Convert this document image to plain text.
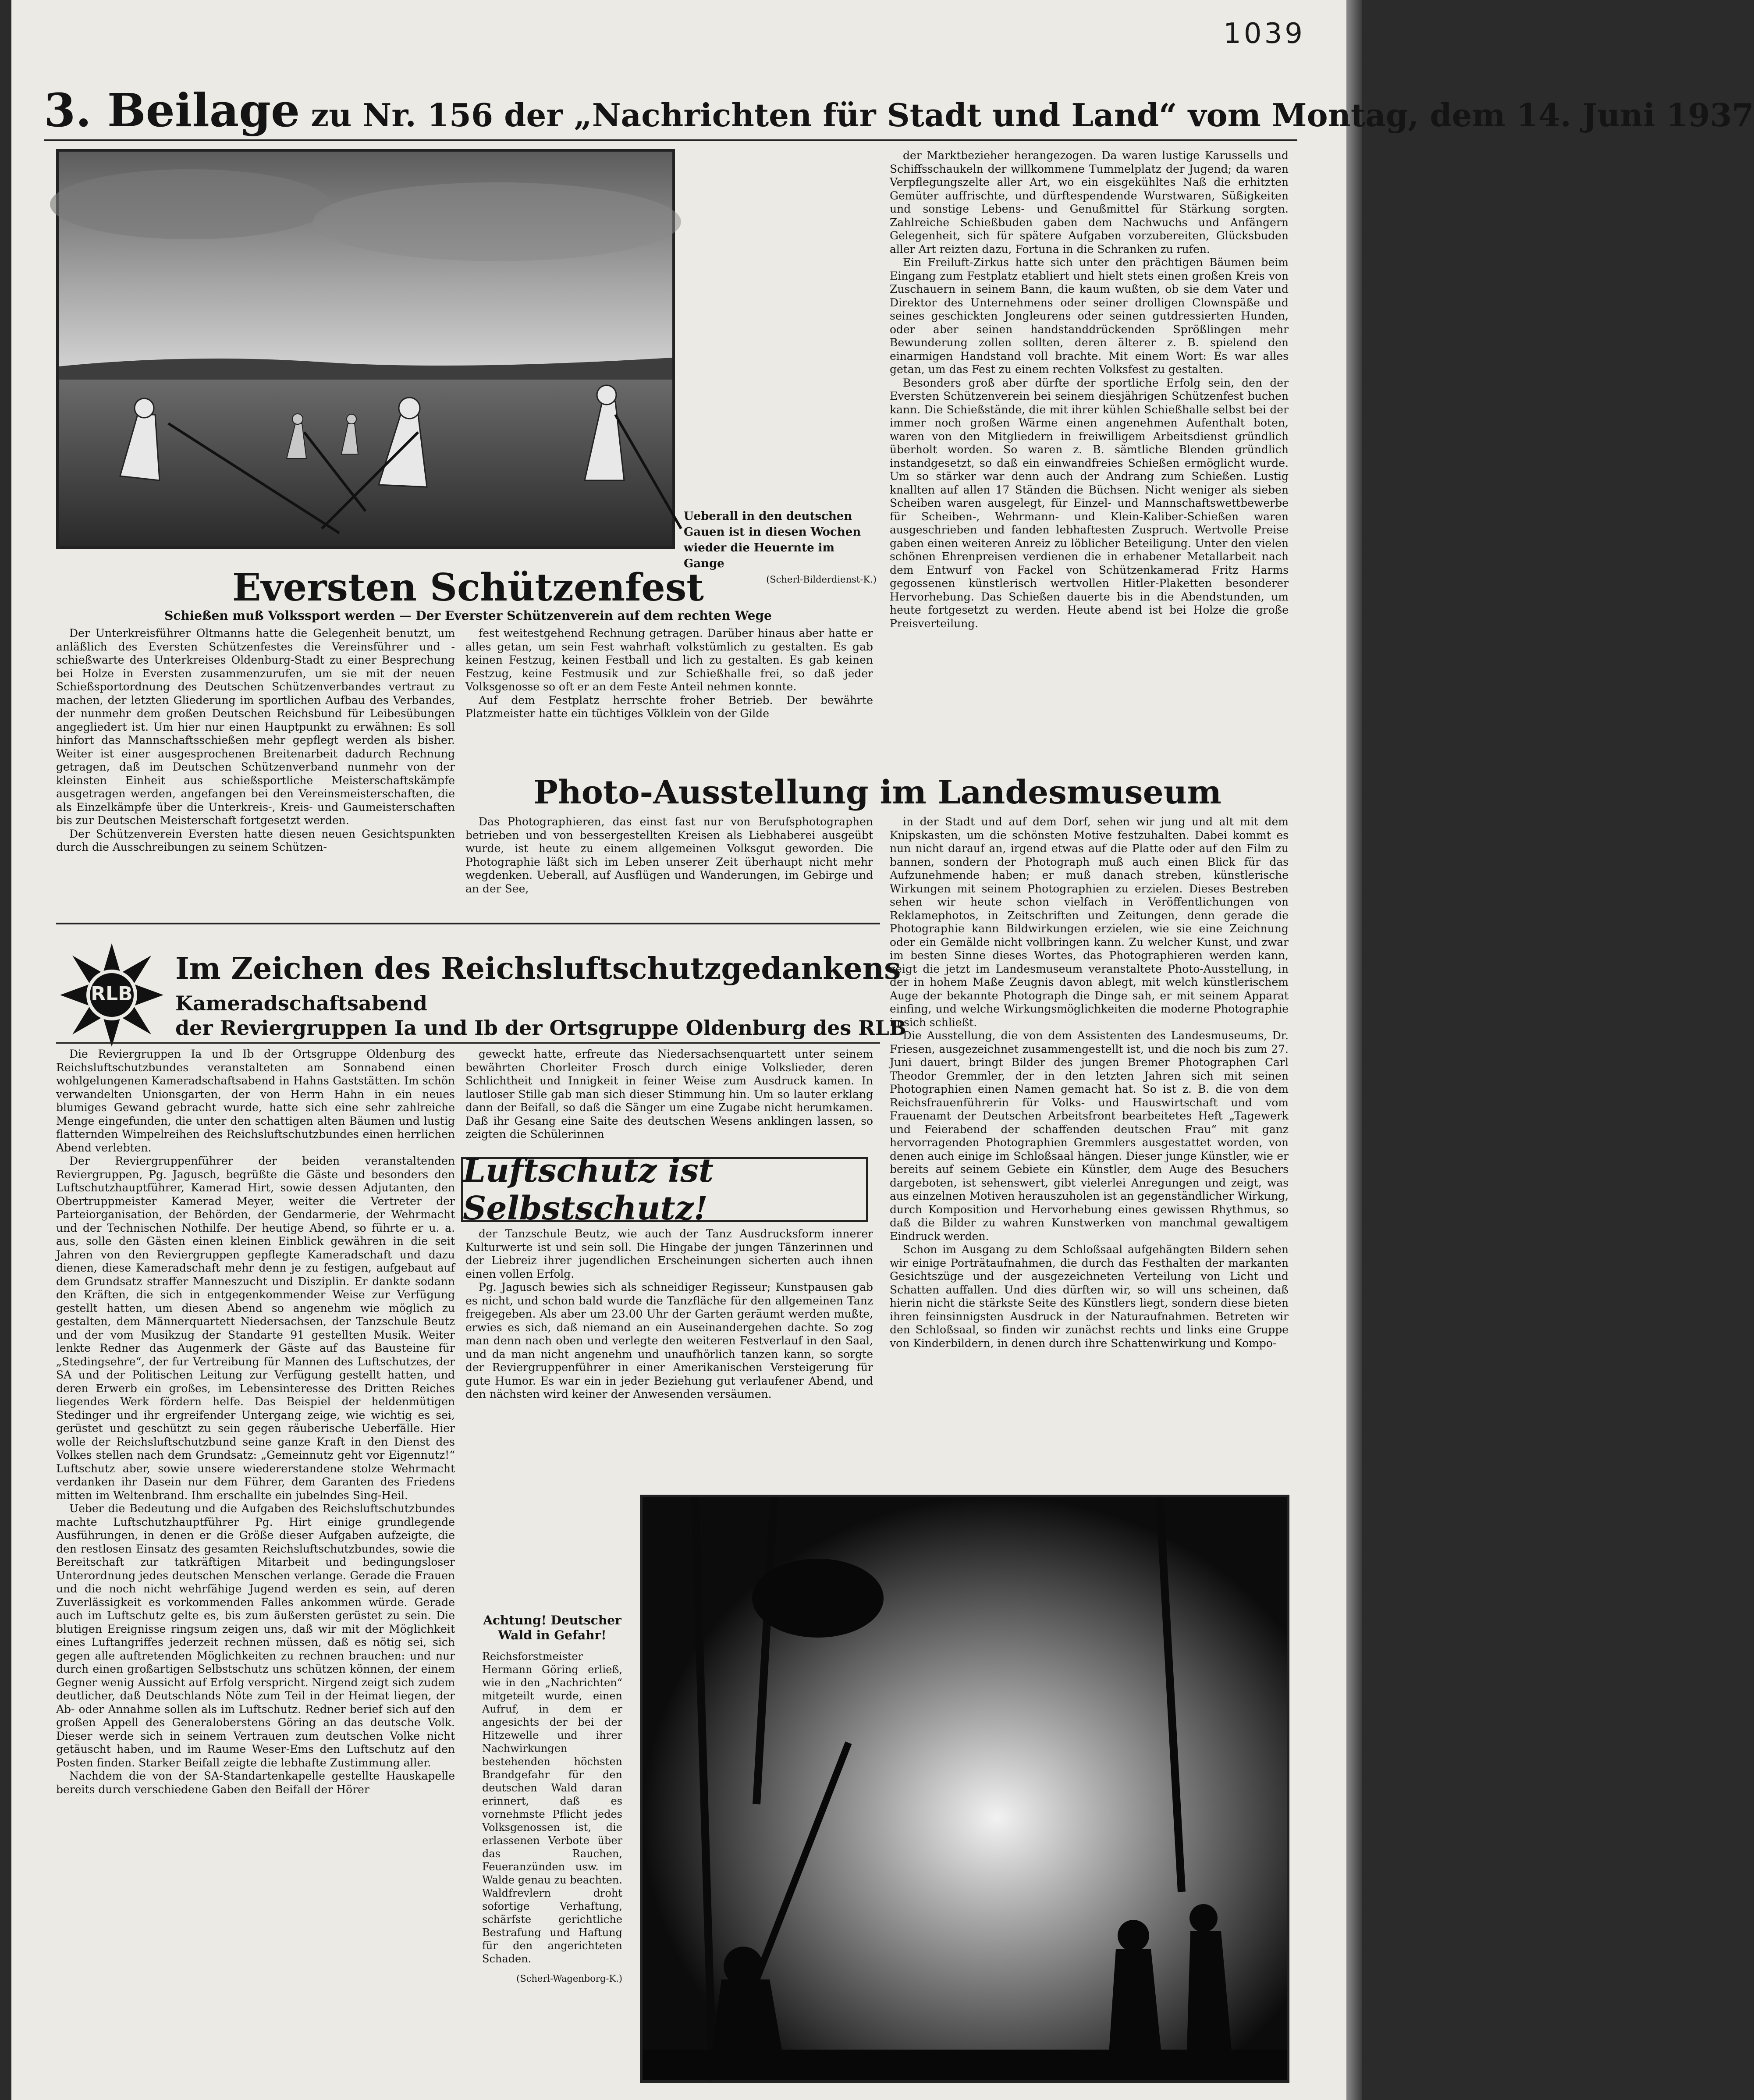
1039
3. Beilage zu Nr. 156 der „Nachrichten für Stadt und Land“ vom Montag, dem 14. Juni 1937
Ueberall in den deutschen Gauen ist in diesen Wochen wieder die Heuernte im Gange
(Scherl-Bilderdienst-K.)
Eversten Schützenfest
Schießen muß Volkssport werden — Der Everster Schützenverein auf dem rechten Wege

Der Unterkreisführer Oltmanns hatte die Gelegenheit benutzt, um anläßlich des Eversten Schützenfestes die Vereinsführer und -schießwarte des Unterkreises Oldenburg-Stadt zu einer Besprechung bei Holze in Eversten zusammenzurufen, um sie mit der neuen Schießsportordnung des Deutschen Schützenverbandes vertraut zu machen, der letzten Gliederung im sportlichen Aufbau des Verbandes, der nunmehr dem großen Deutschen Reichsbund für Leibesübungen angegliedert ist. Um hier nur einen Hauptpunkt zu erwähnen: Es soll hinfort das Mannschaftsschießen mehr gepflegt werden als bisher. Weiter ist einer ausgesprochenen Breitenarbeit dadurch Rechnung getragen, daß im Deutschen Schützenverband nunmehr von der kleinsten Einheit aus schießsportliche Meisterschaftskämpfe ausgetragen werden, angefangen bei den Vereinsmeisterschaften, die als Einzelkämpfe über die Unterkreis-, Kreis- und Gaumeisterschaften bis zur Deutschen Meisterschaft fortgesetzt werden.

Der Schützenverein Eversten hatte diesen neuen Gesichtspunkten durch die Ausschreibungen zu seinem Schützen-

fest weitestgehend Rechnung getragen. Darüber hinaus aber hatte er alles getan, um sein Fest wahrhaft volkstümlich zu gestalten. Es gab keinen Festzug, keinen Festball und lich zu gestalten. Es gab keinen Festzug, keine Festmusik und zur Schießhalle frei, so daß jeder Volksgenosse so oft er an dem Feste Anteil nehmen konnte.

Auf dem Festplatz herrschte froher Betrieb. Der bewährte Platzmeister hatte ein tüchtiges Völklein von der Gilde

der Marktbezieher herangezogen. Da waren lustige Karussells und Schiffsschaukeln der willkommene Tummelplatz der Jugend; da waren Verpflegungszelte aller Art, wo ein eisgekühltes Naß die erhitzten Gemüter auffrischte, und dürftespendende Wurstwaren, Süßigkeiten und sonstige Lebens- und Genußmittel für Stärkung sorgten. Zahlreiche Schießbuden gaben dem Nachwuchs und Anfängern Gelegenheit, sich für spätere Aufgaben vorzubereiten, Glücksbuden aller Art reizten dazu, Fortuna in die Schranken zu rufen.

Ein Freiluft-Zirkus hatte sich unter den prächtigen Bäumen beim Eingang zum Festplatz etabliert und hielt stets einen großen Kreis von Zuschauern in seinem Bann, die kaum wußten, ob sie dem Vater und Direktor des Unternehmens oder seiner drolligen Clownspäße und seines geschickten Jongleurens oder seinen gutdressierten Hunden, oder aber seinen handstanddrückenden Sprößlingen mehr Bewunderung zollen sollten, deren älterer z. B. spielend den einarmigen Handstand voll brachte. Mit einem Wort: Es war alles getan, um das Fest zu einem rechten Volksfest zu gestalten.

Besonders groß aber dürfte der sportliche Erfolg sein, den der Eversten Schützenverein bei seinem diesjährigen Schützenfest buchen kann. Die Schießstände, die mit ihrer kühlen Schießhalle selbst bei der immer noch großen Wärme einen angenehmen Aufenthalt boten, waren von den Mitgliedern in freiwilligem Arbeitsdienst gründlich überholt worden. So waren z. B. sämtliche Blenden gründlich instandgesetzt, so daß ein einwandfreies Schießen ermöglicht wurde. Um so stärker war denn auch der Andrang zum Schießen. Lustig knallten auf allen 17 Ständen die Büchsen. Nicht weniger als sieben Scheiben waren ausgelegt, für Einzel- und Mannschaftswettbewerbe für Scheiben-, Wehrmann- und Klein-Kaliber-Schießen waren ausgeschrieben und fanden lebhaftesten Zuspruch. Wertvolle Preise gaben einen weiteren Anreiz zu löblicher Beteiligung. Unter den vielen schönen Ehrenpreisen verdienen die in erhabener Metallarbeit nach dem Entwurf von Fackel von Schützenkamerad Fritz Harms gegossenen künstlerisch wertvollen Hitler-Plaketten besonderer Hervorhebung. Das Schießen dauerte bis in die Abendstunden, um heute fortgesetzt zu werden. Heute abend ist bei Holze die große Preisverteilung.

Photo-Ausstellung im Landesmuseum

Das Photographieren, das einst fast nur von Berufsphotographen betrieben und von bessergestellten Kreisen als Liebhaberei ausgeübt wurde, ist heute zu einem allgemeinen Volksgut geworden. Die Photographie läßt sich im Leben unserer Zeit überhaupt nicht mehr wegdenken. Ueberall, auf Ausflügen und Wanderungen, im Gebirge und an der See,

in der Stadt und auf dem Dorf, sehen wir jung und alt mit dem Knipskasten, um die schönsten Motive festzuhalten. Dabei kommt es nun nicht darauf an, irgend etwas auf die Platte oder auf den Film zu bannen, sondern der Photograph muß auch einen Blick für das Aufzunehmende haben; er muß danach streben, künstlerische Wirkungen mit seinem Photographien zu erzielen. Dieses Bestreben sehen wir heute schon vielfach in Veröffentlichungen von Reklamephotos, in Zeitschriften und Zeitungen, denn gerade die Photographie kann Bildwirkungen erzielen, wie sie eine Zeichnung oder ein Gemälde nicht vollbringen kann. Zu welcher Kunst, und zwar im besten Sinne dieses Wortes, das Photographieren werden kann, zeigt die jetzt im Landesmuseum veranstaltete Photo-Ausstellung, in der in hohem Maße Zeugnis davon ablegt, mit welch künstlerischem Auge der bekannte Photograph die Dinge sah, er mit seinem Apparat einfing, und welche Wirkungsmöglichkeiten die moderne Photographie in sich schließt.

Die Ausstellung, die von dem Assistenten des Landesmuseums, Dr. Friesen, ausgezeichnet zusammengestellt ist, und die noch bis zum 27. Juni dauert, bringt Bilder des jungen Bremer Photographen Carl Theodor Gremmler, der in den letzten Jahren sich mit seinen Photographien einen Namen gemacht hat. So ist z. B. die von dem Reichsfrauenführerin für Volks- und Hauswirtschaft und vom Frauenamt der Deutschen Arbeitsfront bearbeitetes Heft „Tagewerk und Feierabend der schaffenden deutschen Frau“ mit ganz hervorragenden Photographien Gremmlers ausgestattet worden, von denen auch einige im Schloßsaal hängen. Dieser junge Künstler, wie er bereits auf seinem Gebiete ein Künstler, dem Auge des Besuchers dargeboten, ist sehenswert, gibt vielerlei Anregungen und zeigt, was aus einzelnen Motiven herauszuholen ist an gegenständlicher Wirkung, durch Komposition und Hervorhebung eines gewissen Rhythmus, so daß die Bilder zu wahren Kunstwerken von manchmal gewaltigem Eindruck werden.

Schon im Ausgang zu dem Schloßsaal aufgehängten Bildern sehen wir einige Porträtaufnahmen, die durch das Festhalten der markanten Gesichtszüge und der ausgezeichneten Verteilung von Licht und Schatten auffallen. Und dies dürften wir, so will uns scheinen, daß hierin nicht die stärkste Seite des Künstlers liegt, sondern diese bieten ihren feinsinnigsten Ausdruck in der Naturaufnahmen. Betreten wir den Schloßsaal, so finden wir zunächst rechts und links eine Gruppe von Kinderbildern, in denen durch ihre Schattenwirkung und Kompo-

RLB
Im Zeichen des Reichsluftschutzgedankens
Kameradschaftsabend
der Reviergruppen Ia und Ib der Ortsgruppe Oldenburg des RLB

Die Reviergruppen Ia und Ib der Ortsgruppe Oldenburg des Reichsluftschutzbundes veranstalteten am Sonnabend einen wohlgelungenen Kameradschaftsabend in Hahns Gaststätten. Im schön verwandelten Unionsgarten, der von Herrn Hahn in ein neues blumiges Gewand gebracht wurde, hatte sich eine sehr zahlreiche Menge eingefunden, die unter den schattigen alten Bäumen und lustig flatternden Wimpelreihen des Reichsluftschutzbundes einen herrlichen Abend verlebten.

Der Reviergruppenführer der beiden veranstaltenden Reviergruppen, Pg. Jagusch, begrüßte die Gäste und besonders den Luftschutzhauptführer, Kamerad Hirt, sowie dessen Adjutanten, den Obertruppmeister Kamerad Meyer, weiter die Vertreter der Parteiorganisation, der Behörden, der Gendarmerie, der Wehrmacht und der Technischen Nothilfe. Der heutige Abend, so führte er u. a. aus, solle den Gästen einen kleinen Einblick gewähren in die seit Jahren von den Reviergruppen gepflegte Kameradschaft und dazu dienen, diese Kameradschaft mehr denn je zu festigen, aufgebaut auf dem Grundsatz straffer Manneszucht und Disziplin. Er dankte sodann den Kräften, die sich in entgegenkommender Weise zur Verfügung gestellt hatten, um diesen Abend so angenehm wie möglich zu gestalten, dem Männerquartett Niedersachsen, der Tanzschule Beutz und der vom Musikzug der Standarte 91 gestellten Musik. Weiter lenkte Redner das Augenmerk der Gäste auf das Bausteine für „Stedingsehre“, der fur Vertreibung für Mannen des Luftschutzes, der SA und der Politischen Leitung zur Verfügung gestellt hatten, und deren Erwerb ein großes, im Lebensinteresse des Dritten Reiches liegendes Werk fördern helfe. Das Beispiel der heldenmütigen Stedinger und ihr ergreifender Untergang zeige, wie wichtig es sei, gerüstet und geschützt zu sein gegen räuberische Ueberfälle. Hier wolle der Reichsluftschutzbund seine ganze Kraft in den Dienst des Volkes stellen nach dem Grundsatz: „Gemeinnutz geht vor Eigennutz!“ Luftschutz aber, sowie unsere wiedererstandene stolze Wehrmacht verdanken ihr Dasein nur dem Führer, dem Garanten des Friedens mitten im Weltenbrand. Ihm erschallte ein jubelndes Sing-Heil.

Ueber die Bedeutung und die Aufgaben des Reichsluftschutzbundes machte Luftschutzhauptführer Pg. Hirt einige grundlegende Ausführungen, in denen er die Größe dieser Aufgaben aufzeigte, die den restlosen Einsatz des gesamten Reichsluftschutzbundes, sowie die Bereitschaft zur tatkräftigen Mitarbeit und bedingungsloser Unterordnung jedes deutschen Menschen verlange. Gerade die Frauen und die noch nicht wehrfähige Jugend werden es sein, auf deren Zuverlässigkeit es vorkommenden Falles ankommen würde. Gerade auch im Luftschutz gelte es, bis zum äußersten gerüstet zu sein. Die blutigen Ereignisse ringsum zeigen uns, daß wir mit der Möglichkeit eines Luftangriffes jederzeit rechnen müssen, daß es nötig sei, sich gegen alle auftretenden Möglichkeiten zu rechnen brauchen: und nur durch einen großartigen Selbstschutz uns schützen können, der einem Gegner wenig Aussicht auf Erfolg verspricht. Nirgend zeigt sich zudem deutlicher, daß Deutschlands Nöte zum Teil in der Heimat liegen, der Ab- oder Annahme sollen als im Luftschutz. Redner berief sich auf den großen Appell des Generaloberstens Göring an das deutsche Volk. Dieser werde sich in seinem Vertrauen zum deutschen Volke nicht getäuscht haben, und im Raume Weser-Ems den Luftschutz auf den Posten finden. Starker Beifall zeigte die lebhafte Zustimmung aller.

Nachdem die von der SA-Standartenkapelle gestellte Hauskapelle bereits durch verschiedene Gaben den Beifall der Hörer

geweckt hatte, erfreute das Niedersachsenquartett unter seinem bewährten Chorleiter Frosch durch einige Volkslieder, deren Schlichtheit und Innigkeit in feiner Weise zum Ausdruck kamen. In lautloser Stille gab man sich dieser Stimmung hin. Um so lauter erklang dann der Beifall, so daß die Sänger um eine Zugabe nicht herumkamen. Daß ihr Gesang eine Saite des deutschen Wesens anklingen lassen, so zeigten die Schülerinnen

Luftschutz ist Selbstschutz!

der Tanzschule Beutz, wie auch der Tanz Ausdrucksform innerer Kulturwerte ist und sein soll. Die Hingabe der jungen Tänzerinnen und der Liebreiz ihrer jugendlichen Erscheinungen sicherten auch ihnen einen vollen Erfolg.

Pg. Jagusch bewies sich als schneidiger Regisseur; Kunstpausen gab es nicht, und schon bald wurde die Tanzfläche für den allgemeinen Tanz freigegeben. Als aber um 23.00 Uhr der Garten geräumt werden mußte, erwies es sich, daß niemand an ein Auseinandergehen dachte. So zog man denn nach oben und verlegte den weiteren Festverlauf in den Saal, und da man nicht angenehm und unaufhörlich tanzen kann, so sorgte der Reviergruppenführer in einer Amerikanischen Versteigerung für gute Humor. Es war ein in jeder Beziehung gut verlaufener Abend, und den nächsten wird keiner der Anwesenden versäumen.

Achtung! Deutscher Wald in Gefahr!
Reichsforstmeister Hermann Göring erließ, wie in den „Nachrichten“ mitgeteilt wurde, einen Aufruf, in dem er angesichts der bei der Hitzewelle und ihrer Nachwirkungen bestehenden höchsten Brandgefahr für den deutschen Wald daran erinnert, daß es vornehmste Pflicht jedes Volksgenossen ist, die erlassenen Verbote über das Rauchen, Feueranzünden usw. im Walde genau zu beachten. Waldfrevlern droht sofortige Verhaftung, schärfste gerichtliche Bestrafung und Haftung für den angerichteten Schaden.
(Scherl-Wagenborg-K.)
